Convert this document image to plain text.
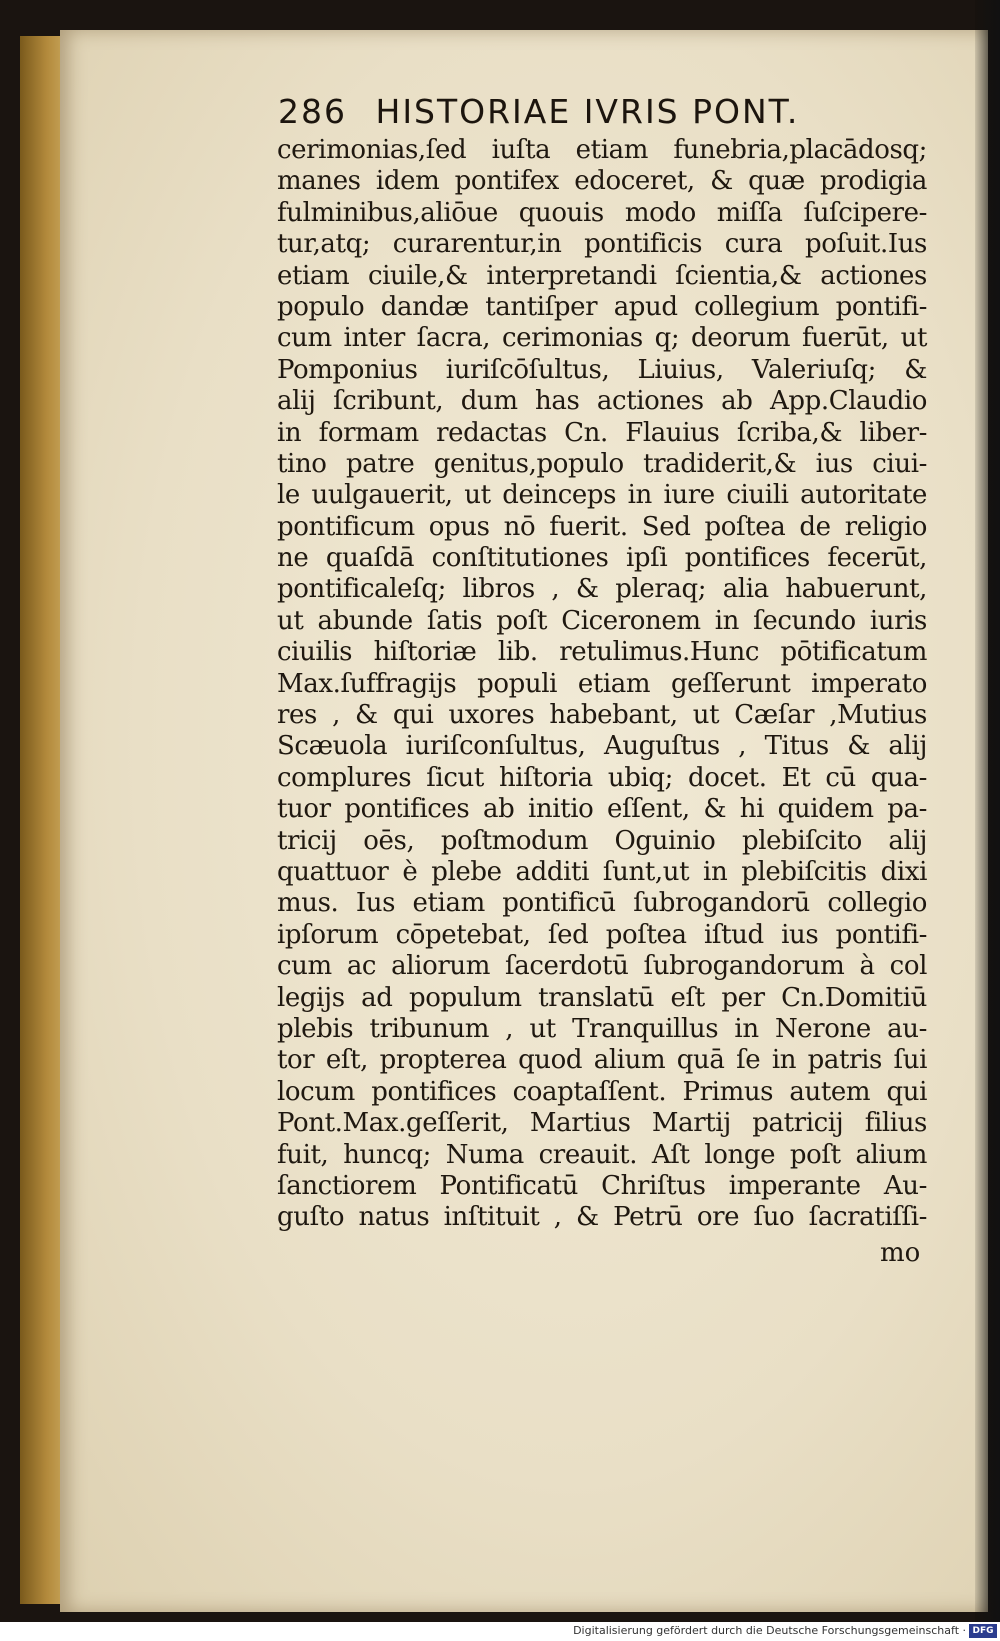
286 HISTORIAE IVRIS PONT.
cerimonias,ſed iuſta etiam funebria,placādosq;
manes idem pontifex edoceret, & quæ prodigia
fulminibus,aliōue quouis modo miſſa ſuſcipere‑
tur,atq; curarentur,in pontificis cura poſuit.Ius
etiam ciuile,& interpretandi ſcientia,& actiones
populo dandæ tantiſper apud collegium pontifi‑
cum inter ſacra, cerimonias q; deorum fuerūt, ut
Pomponius iuriſcōſultus, Liuius, Valeriuſq; &
alij ſcribunt, dum has actiones ab App.Claudio
in formam redactas Cn. Flauius ſcriba,& liber‑
tino patre genitus,populo tradiderit,& ius ciui‑
le uulgauerit, ut deinceps in iure ciuili autoritate
pontificum opus nō fuerit. Sed poſtea de religio
ne quaſdā conſtitutiones ipſi pontifices fecerūt,
pontificaleſq; libros , & pleraq; alia habuerunt,
ut abunde ſatis poſt Ciceronem in ſecundo iuris
ciuilis hiſtoriæ lib. retulimus.Hunc pōtificatum
Max.ſuffragijs populi etiam geſſerunt imperato
res , & qui uxores habebant, ut Cæſar ,Mutius
Scæuola iuriſconſultus, Auguſtus , Titus & alij
complures ſicut hiſtoria ubiq; docet. Et cū qua‑
tuor pontifices ab initio eſſent, & hi quidem pa‑
tricij oēs, poſtmodum Oguinio plebiſcito alij
quattuor è plebe additi ſunt,ut in plebiſcitis dixi
mus. Ius etiam pontificū ſubrogandorū collegio
ipſorum cōpetebat, ſed poſtea iſtud ius pontifi‑
cum ac aliorum ſacerdotū ſubrogandorum à col
legijs ad populum translatū eſt per Cn.Domitiū
plebis tribunum , ut Tranquillus in Nerone au‑
tor eſt, propterea quod alium quā ſe in patris ſui
locum pontifices coaptaſſent. Primus autem qui
Pont.Max.geſſerit, Martius Martij patricij filius
fuit, huncq; Numa creauit. Aſt longe poſt alium
ſanctiorem Pontificatū Chriſtus imperante Au‑
guſto natus inſtituit , & Petrū ore ſuo ſacratiſſi‑
mo
Digitalisierung gefördert durch die Deutsche Forschungsgemeinschaft · DFG
